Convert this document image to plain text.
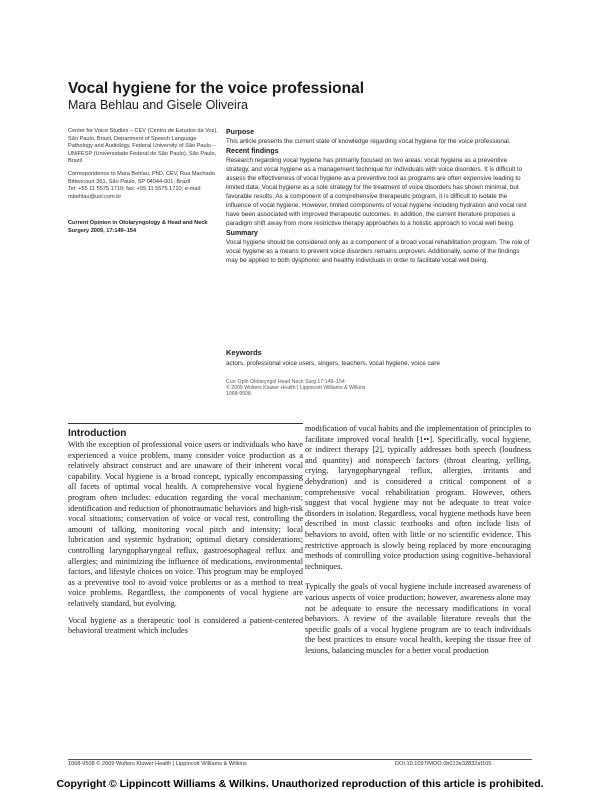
Vocal hygiene for the voice professional
Mara Behlau and Gisele Oliveira

Center for Voice Studies – CEV (Centro de Estudos da Voz), São Paulo, Brazil, Department of Speech Language Pathology and Audiology, Federal University of São Paulo – UNIFESP (Universidade Federal de São Paulo), São Paulo, Brazil

Correspondence to Mara Behlau, PhD, CEV, Rua Machado Bittencourt 361, São Paulo, SP 04044-001, Brazil
Tel: +55 11 5575 1710; fax: +55 11 5575 1710; e-mail: mbehlau@uol.com.br

Current Opinion in Otolaryngology & Head and Neck Surgery 2009, 17:149–154

Purpose

This article presents the current state of knowledge regarding vocal hygiene for the voice professional.

Recent findings

Research regarding vocal hygiene has primarily focused on two areas: vocal hygiene as a preventive strategy, and vocal hygiene as a management technique for individuals with voice disorders. It is difficult to assess the effectiveness of vocal hygiene as a preventive tool as programs are often expensive leading to limited data. Vocal hygiene as a sole strategy for the treatment of voice disorders has shown minimal, but favorable results. As a component of a comprehensive therapeutic program, it is difficult to isolate the influence of vocal hygiene. However, limited components of vocal hygiene including hydration and vocal rest have been associated with improved therapeutic outcomes. In addition, the current literature proposes a paradigm shift away from more restrictive therapy approaches to a holistic approach to vocal well being.

Summary

Vocal hygiene should be considered only as a component of a broad vocal rehabilitation program. The role of vocal hygiene as a means to prevent voice disorders remains unproven. Additionally, some of the findings may be applied to both dysphonic and healthy individuals in order to facilitate vocal well being.

Keywords
actors, professional voice users, singers, teachers, vocal hygiene, voice care
Curr Opin Otolaryngol Head Neck Surg 17:149–154
© 2009 Wolters Kluwer Health | Lippincott Williams & Wilkins
1068-9508
Introduction

With the exception of professional voice users or individuals who have experienced a voice problem, many consider voice production as a relatively abstract construct and are unaware of their inherent vocal capability. Vocal hygiene is a broad concept, typically encompassing all facets of optimal vocal health. A comprehensive vocal hygiene program often includes: education regarding the vocal mechanism; identification and reduction of phonotraumatic behaviors and high-risk vocal situations; conservation of voice or vocal rest, controlling the amount of talking, monitoring vocal pitch and intensity; local lubrication and systemic hydration; optimal dietary considerations; controlling laryngopharyngeal reflux, gastroesophageal reflux and allergies; and minimizing the influence of medications, environmental factors, and lifestyle choices on voice. This program may be employed as a preventive tool to avoid voice problems or as a method to treat voice problems. Regardless, the components of vocal hygiene are relatively standard, but evolving.

Vocal hygiene as a therapeutic tool is considered a patient-centered behavioral treatment which includes

modification of vocal habits and the implementation of principles to facilitate improved vocal health [1••]. Specifically, vocal hygiene, or indirect therapy [2], typically addresses both speech (loudness and quantity) and nonspeech factors (throat clearing, yelling, crying, laryngopharyngeal reflux, allergies, irritants and dehydration) and is considered a critical component of a comprehensive vocal rehabilitation program. However, others suggest that vocal hygiene may not be adequate to treat voice disorders in isolation. Regardless, vocal hygiene methods have been described in most classic textbooks and often include lists of behaviors to avoid, often with little or no scientific evidence. This restrictive approach is slowly being replaced by more encouraging methods of controlling voice production using cognitive–behavioral techniques.

Typically the goals of vocal hygiene include increased awareness of various aspects of voice production; however, awareness alone may not be adequate to ensure the necessary modifications in vocal behaviors. A review of the available literature reveals that the specific goals of a vocal hygiene program are to teach individuals the best practices to ensure vocal health, keeping the tissue free of lesions, balancing muscles for a better vocal production

1068-9508 © 2009 Wolters Kluwer Health | Lippincott Williams & Wilkins	DOI:10.1097/MOO.0b013e32832af105
Copyright © Lippincott Williams & Wilkins. Unauthorized reproduction of this article is prohibited.
